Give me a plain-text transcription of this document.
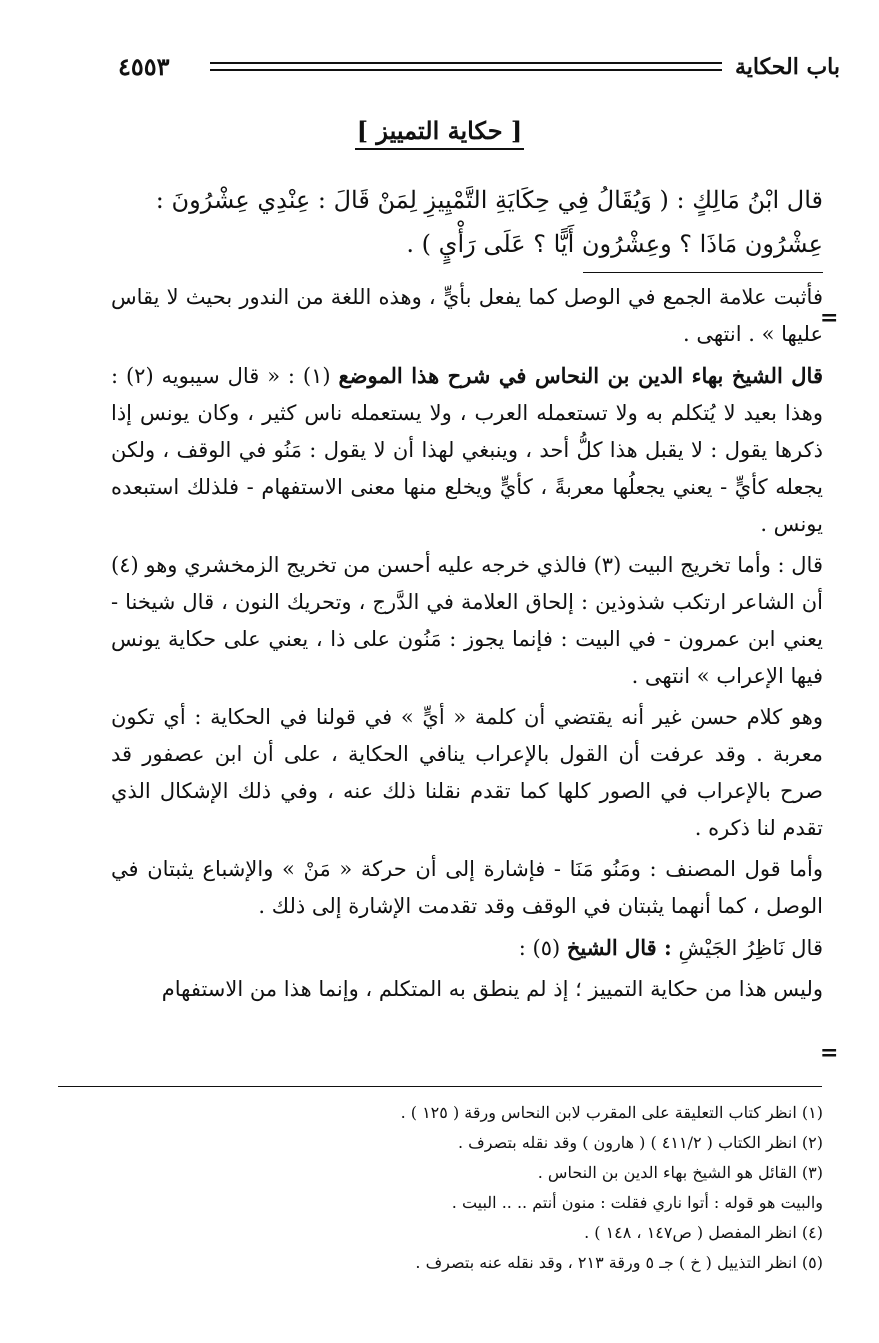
باب الحكاية
٤٥٥٣
[ حكاية التمييز ]
=
=
قال ابْنُ مَالِكٍ : ( وَيُقَالُ فِي حِكَايَةِ التَّمْيِيزِ لِمَنْ قَالَ : عِنْدِي عِشْرُونَ :
عِشْرُون مَاذَا ؟ وعِشْرُون أَيًّا ؟ عَلَى رَأْيٍ ) .

فأثبت علامة الجمع في الوصل كما يفعل بأيٍّ ، وهذه اللغة من الندور بحيث لا يقاس عليها » . انتهى .

قال الشيخ بهاء الدين بن النحاس في شرح هذا الموضع (١) : « قال سيبويه (٢) : وهذا بعيد لا يُتكلم به ولا تستعمله العرب ، ولا يستعمله ناس كثير ، وكان يونس إذا ذكرها يقول : لا يقبل هذا كلُّ أحد ، وينبغي لهذا أن لا يقول : مَنُو في الوقف ، ولكن يجعله كأيٍّ - يعني يجعلُها معربةً ، كأيٍّ ويخلع منها معنى الاستفهام - فلذلك استبعده يونس .

قال : وأما تخريج البيت (٣) فالذي خرجه عليه أحسن من تخريج الزمخشري وهو (٤) أن الشاعر ارتكب شذوذين : إلحاق العلامة في الدَّرج ، وتحريك النون ، قال شيخنا - يعني ابن عمرون - في البيت : فإنما يجوز : مَنُون على ذا ، يعني على حكاية يونس فيها الإعراب » انتهى .

وهو كلام حسن غير أنه يقتضي أن كلمة « أيٍّ » في قولنا في الحكاية : أي تكون معربة . وقد عرفت أن القول بالإعراب ينافي الحكاية ، على أن ابن عصفور قد صرح بالإعراب في الصور كلها كما تقدم نقلنا ذلك عنه ، وفي ذلك الإشكال الذي تقدم لنا ذكره .

وأما قول المصنف : ومَنُو مَنَا - فإشارة إلى أن حركة « مَنْ » والإشباع يثبتان في الوصل ، كما أنهما يثبتان في الوقف وقد تقدمت الإشارة إلى ذلك .

قال نَاظِرُ الجَيْشِ : قال الشيخ (٥) :

وليس هذا من حكاية التمييز ؛ إذ لم ينطق به المتكلم ، وإنما هذا من الاستفهام

(١) انظر كتاب التعليقة على المقرب لابن النحاس ورقة ( ١٢٥ ) .
(٢) انظر الكتاب ( ٤١١/٢ ) ( هارون ) وقد نقله بتصرف .
(٣) القائل هو الشيخ بهاء الدين بن النحاس .
والبيت هو قوله : أتوا ناري فقلت : منون أنتم .. .. البيت .
(٤) انظر المفصل ( ص١٤٧ ، ١٤٨ ) .
(٥) انظر التذييل ( خ ) جـ ٥ ورقة ٢١٣ ، وقد نقله عنه بتصرف .
